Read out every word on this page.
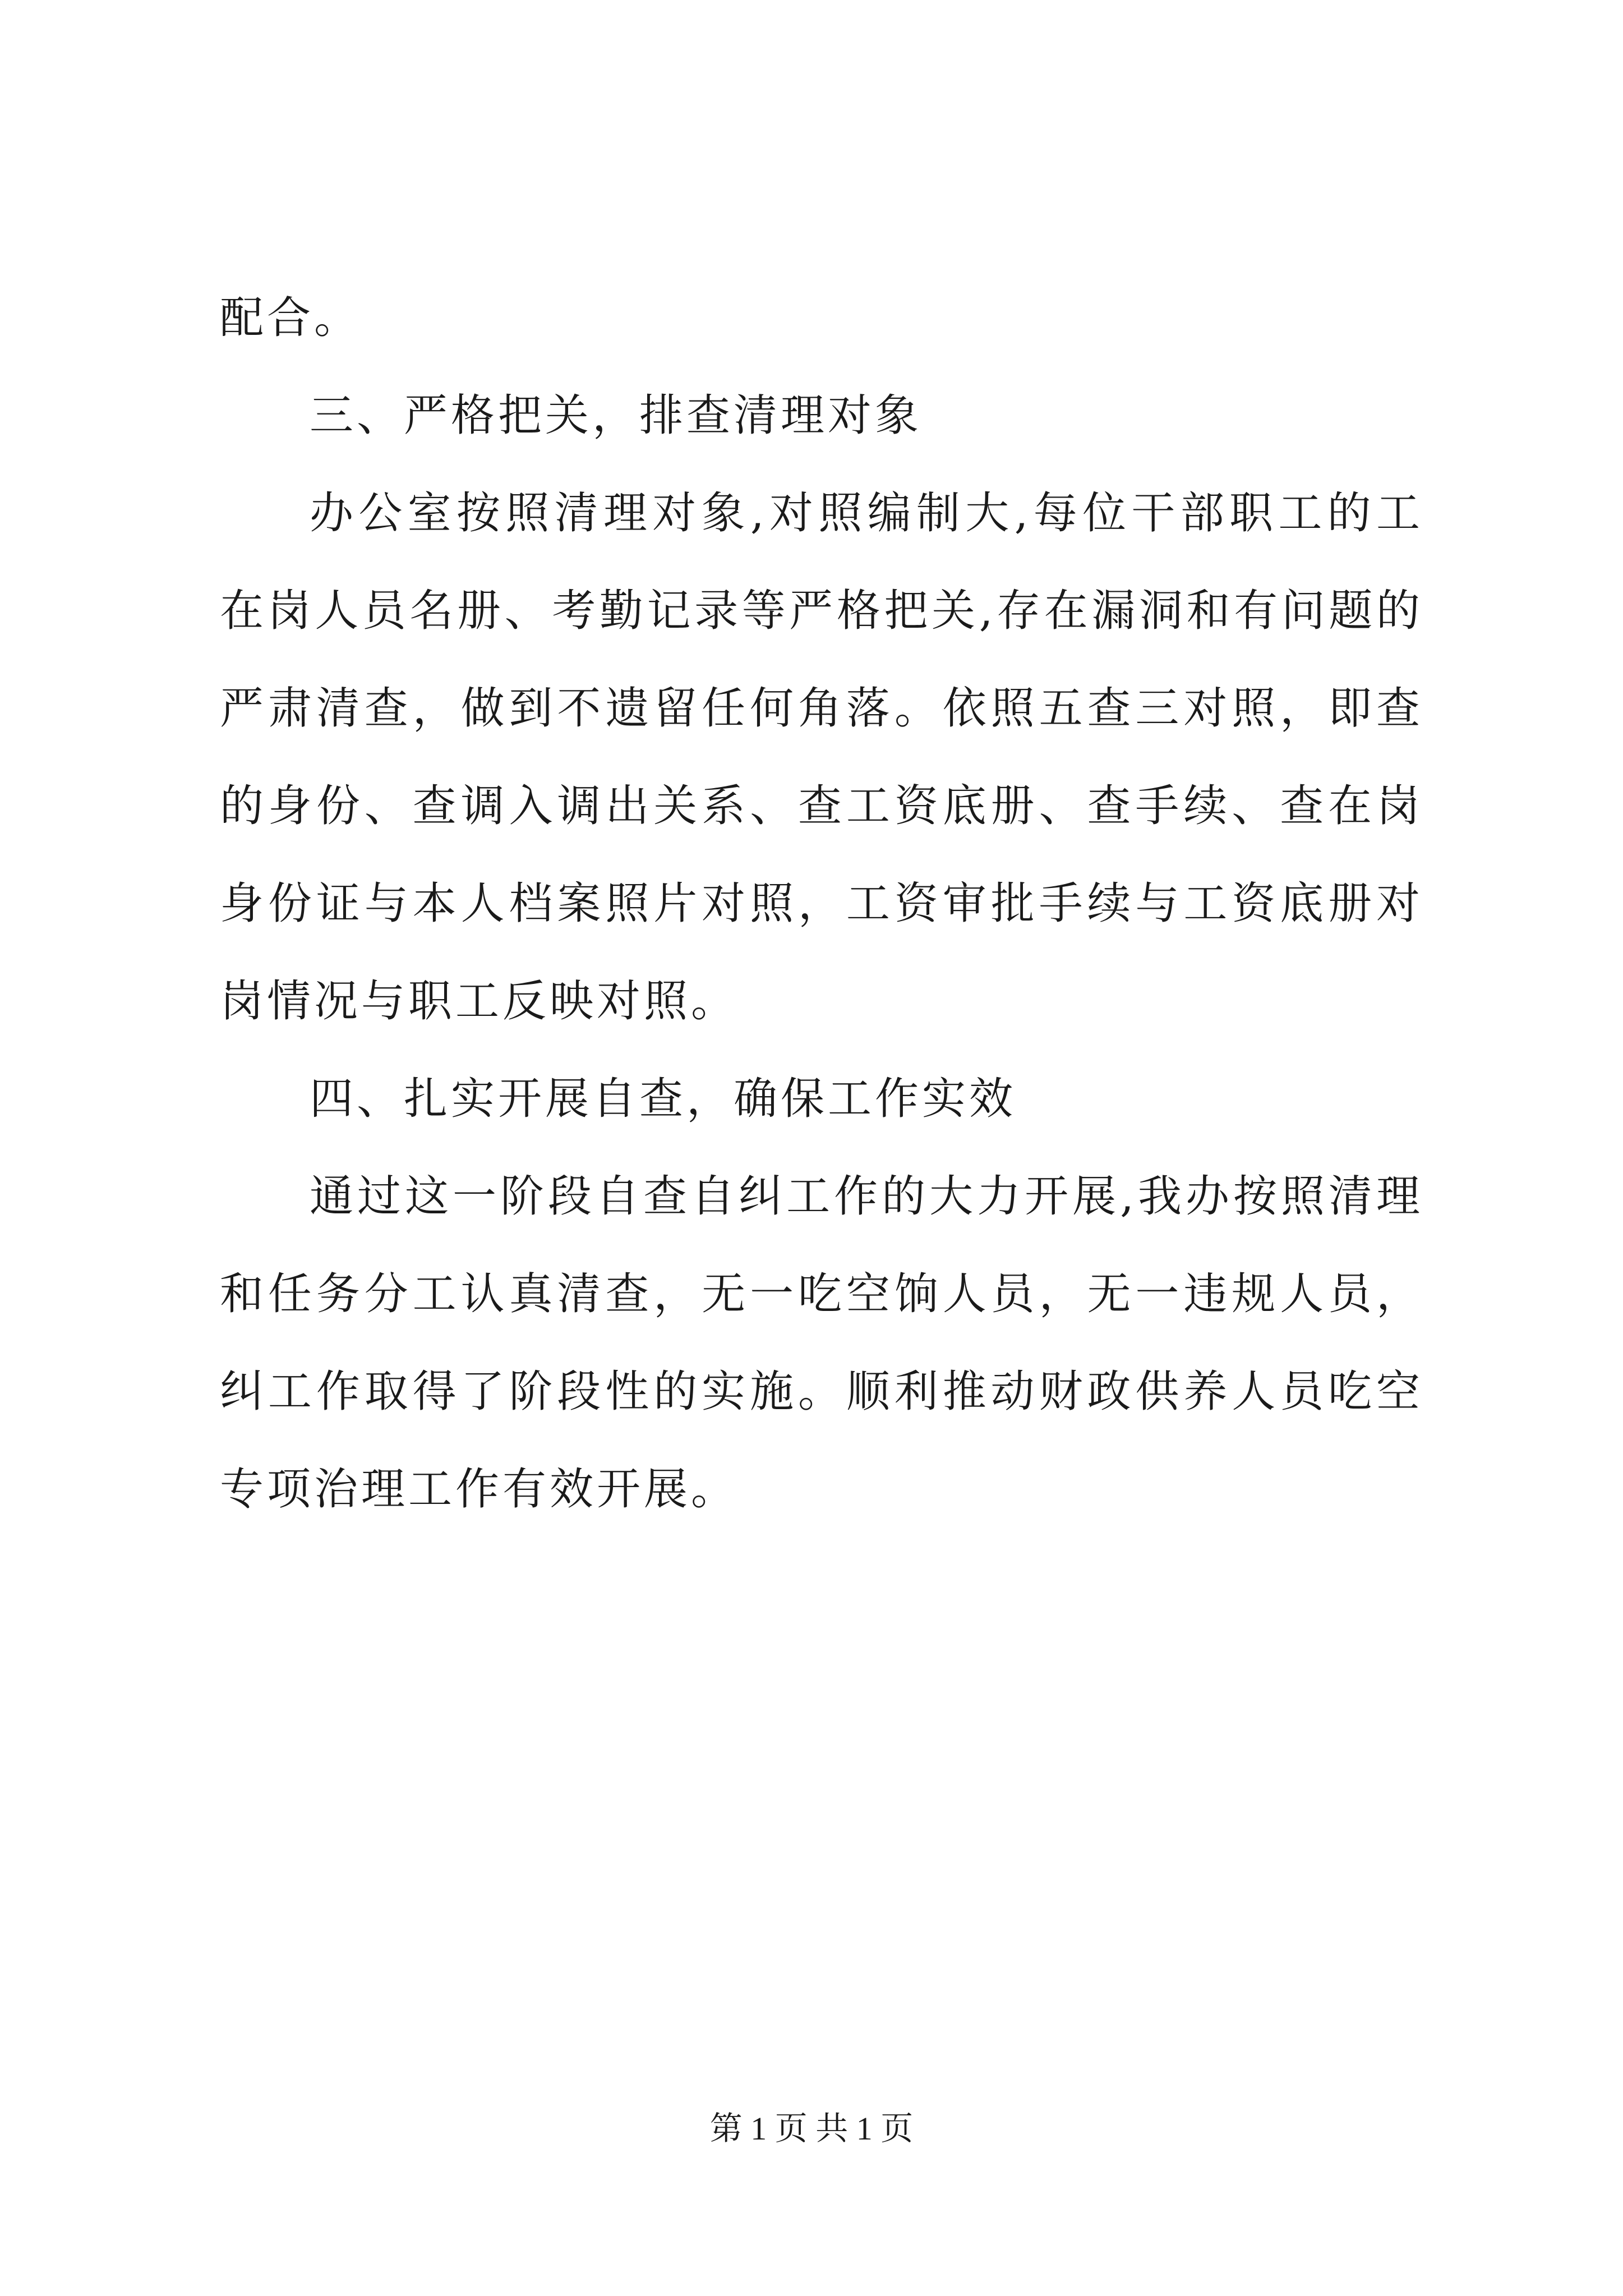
配合。
三、严格把关，排查清理对象
办公室按照清理对象,对照编制大,每位干部职工的工
在岗人员名册、考勤记录等严格把关,存在漏洞和有问题的
严肃清查，做到不遗留任何角落。依照五查三对照，即查
的身份、查调入调出关系、查工资底册、查手续、查在岗
身份证与本人档案照片对照，工资审批手续与工资底册对
岗情况与职工反映对照。
四、扎实开展自查，确保工作实效
通过这一阶段自查自纠工作的大力开展,我办按照清理
和任务分工认真清查，无一吃空饷人员，无一违规人员，
纠工作取得了阶段性的实施。顺利推动财政供养人员吃空
专项治理工作有效开展。
第 1 页 共 1 页
